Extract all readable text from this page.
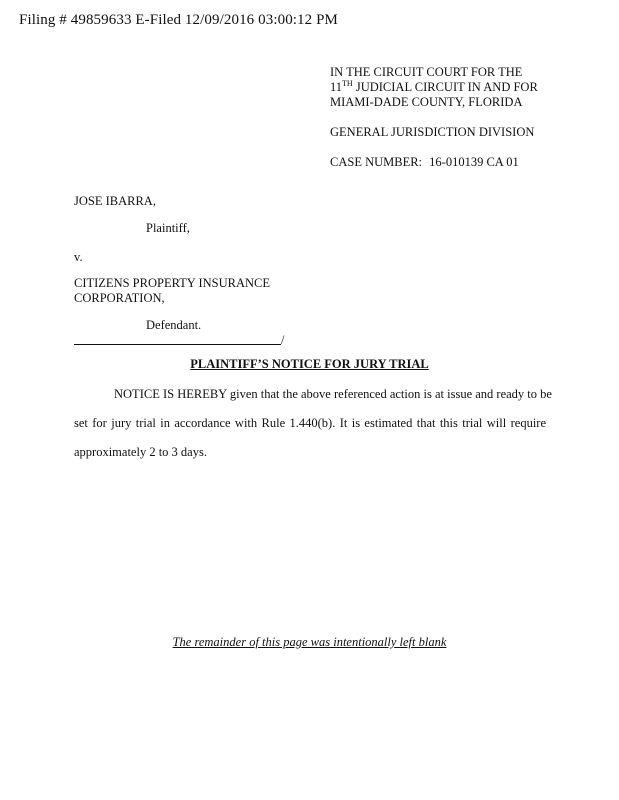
Filing # 49859633 E-Filed 12/09/2016 03:00:12 PM
IN THE CIRCUIT COURT FOR THE
11TH JUDICIAL CIRCUIT IN AND FOR
MIAMI-DADE COUNTY, FLORIDA
GENERAL JURISDICTION DIVISION
CASE NUMBER: 16-010139 CA 01
JOSE IBARRA,
Plaintiff,
v.
CITIZENS PROPERTY INSURANCE
CORPORATION,
Defendant.
/
PLAINTIFF’S NOTICE FOR JURY TRIAL
NOTICE IS HEREBY given that the above referenced action is at issue and ready to be
set for jury trial in accordance with Rule 1.440(b). It is estimated that this trial will require
approximately 2 to 3 days.
The remainder of this page was intentionally left blank
